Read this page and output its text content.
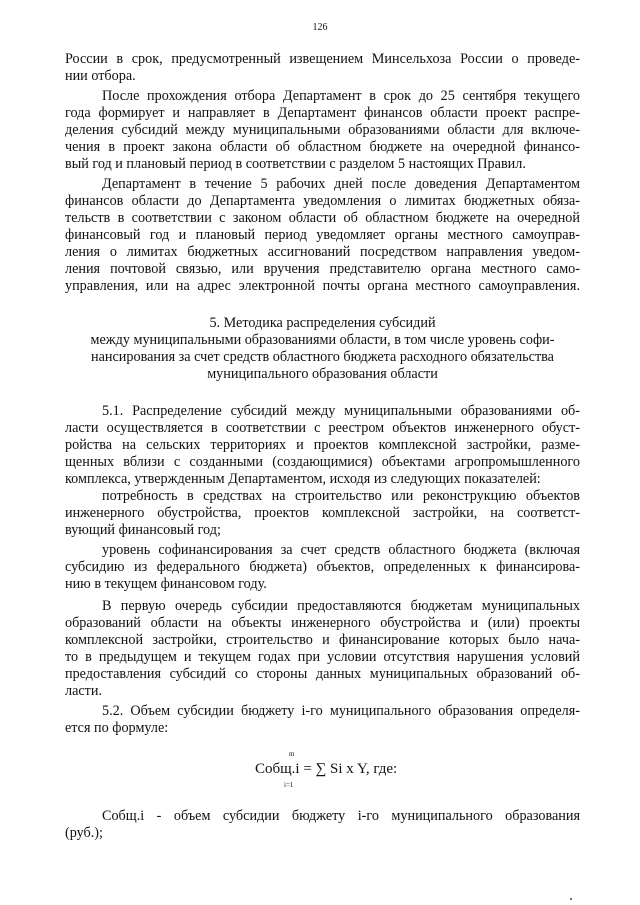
126
России в срок, предусмотренный извещением Минсельхоза России о проведе-
нии отбора.
После прохождения отбора Департамент в срок до 25 сентября текущего
года формирует и направляет в Департамент финансов области проект распре-
деления субсидий между муниципальными образованиями области для включе-
чения в проект закона области об областном бюджете на очередной финансо-
вый год и плановый период в соответствии с разделом 5 настоящих Правил.
Департамент в течение 5 рабочих дней после доведения Департаментом
финансов области до Департамента уведомления о лимитах бюджетных обяза-
тельств в соответствии с законом области об областном бюджете на очередной
финансовый год и плановый период уведомляет органы местного самоуправ-
ления о лимитах бюджетных ассигнований посредством направления уведом-
ления почтовой связью, или вручения представителю органа местного само-
управления, или на адрес электронной почты органа местного самоуправления.
5. Методика распределения субсидий
между муниципальными образованиями области, в том числе уровень софи-
нансирования за счет средств областного бюджета расходного обязательства
муниципального образования области
5.1. Распределение субсидий между муниципальными образованиями об-
ласти осуществляется в соответствии с реестром объектов инженерного обуст-
ройства на сельских территориях и проектов комплексной застройки, разме-
щенных вблизи с созданными (создающимися) объектами агропромышленного
комплекса, утвержденным Департаментом, исходя из следующих показателей:
потребность в средствах на строительство или реконструкцию объектов
инженерного обустройства, проектов комплексной застройки, на соответст-
вующий финансовый год;
уровень софинансирования за счет средств областного бюджета (включая
субсидию из федерального бюджета) объектов, определенных к финансирова-
нию в текущем финансовом году.
В первую очередь субсидии предоставляются бюджетам муниципальных
образований области на объекты инженерного обустройства и (или) проекты
комплексной застройки, строительство и финансирование которых было нача-
то в предыдущем и текущем годах при условии отсутствия нарушения условий
предоставления субсидий со стороны данных муниципальных образований об-
ласти.
5.2. Объем субсидии бюджету i-го муниципального образования определя-
ется по формуле:
Собщ.i - объем субсидии бюджету i-го муниципального образования
(руб.);
Собщ.i = ∑ Si x Y, где:
m
i=1
